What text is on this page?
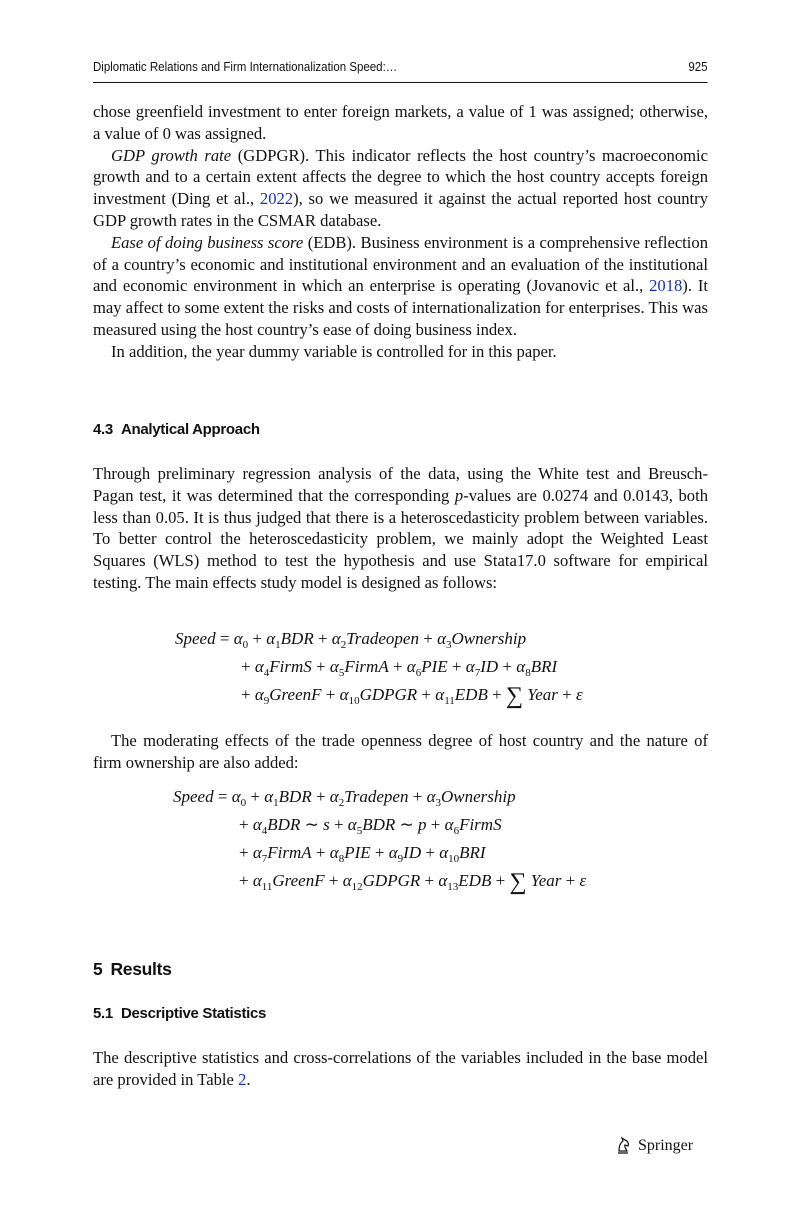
Diplomatic Relations and Firm Internationalization Speed:…	925

chose greenfield investment to enter foreign markets, a value of 1 was assigned; otherwise, a value of 0 was assigned.

GDP growth rate (GDPGR). This indicator reflects the host country’s macroeconomic growth and to a certain extent affects the degree to which the host country accepts foreign investment (Ding et al., 2022), so we measured it against the actual reported host country GDP growth rates in the CSMAR database.

Ease of doing business score (EDB). Business environment is a comprehensive reflection of a country’s economic and institutional environment and an evaluation of the institutional and economic environment in which an enterprise is operating (Jovanovic et al., 2018). It may affect to some extent the risks and costs of internationalization for enterprises. This was measured using the host country’s ease of doing business index.

In addition, the year dummy variable is controlled for in this paper.

4.3 Analytical Approach

Through preliminary regression analysis of the data, using the White test and Breusch-Pagan test, it was determined that the corresponding p-values are 0.0274 and 0.0143, both less than 0.05. It is thus judged that there is a heteroscedasticity problem between variables. To better control the heteroscedasticity problem, we mainly adopt the Weighted Least Squares (WLS) method to test the hypothesis and use Stata17.0 software for empirical testing. The main effects study model is designed as follows:

Speed = $\alpha_0 + \alpha_1BDR$ + $\alpha_2Tradeopen$ + $\alpha_3Ownership$
+ $\alpha_4FirmS$ + $\alpha_5FirmA + \alpha_6PIE + \alpha_7ID + \alpha_8BRI$
+ $\alpha_9GreenF$ + $\alpha_{10}GDPGR + \alpha_{11}EDB$ + ∑ Year + ε

The moderating effects of the trade openness degree of host country and the nature of firm ownership are also added:

Speed = $\alpha_0 + \alpha_1BDR$ + $\alpha_2Tradepen$ + $\alpha_3Ownership$
+ $\alpha_4BDR$ ∼ $s + \alpha_5BDR$ ∼ $p + \alpha_6FirmS$
+ $\alpha_7FirmA + \alpha_8PIE + \alpha_9ID + \alpha_{10}BRI$
+ $\alpha_{11}GreenF$ + $\alpha_{12}GDPGR + \alpha_{13}EDB$ + ∑ Year + ε
5 Results
5.1 Descriptive Statistics

The descriptive statistics and cross-correlations of the variables included in the base model are provided in Table 2.

Springer
